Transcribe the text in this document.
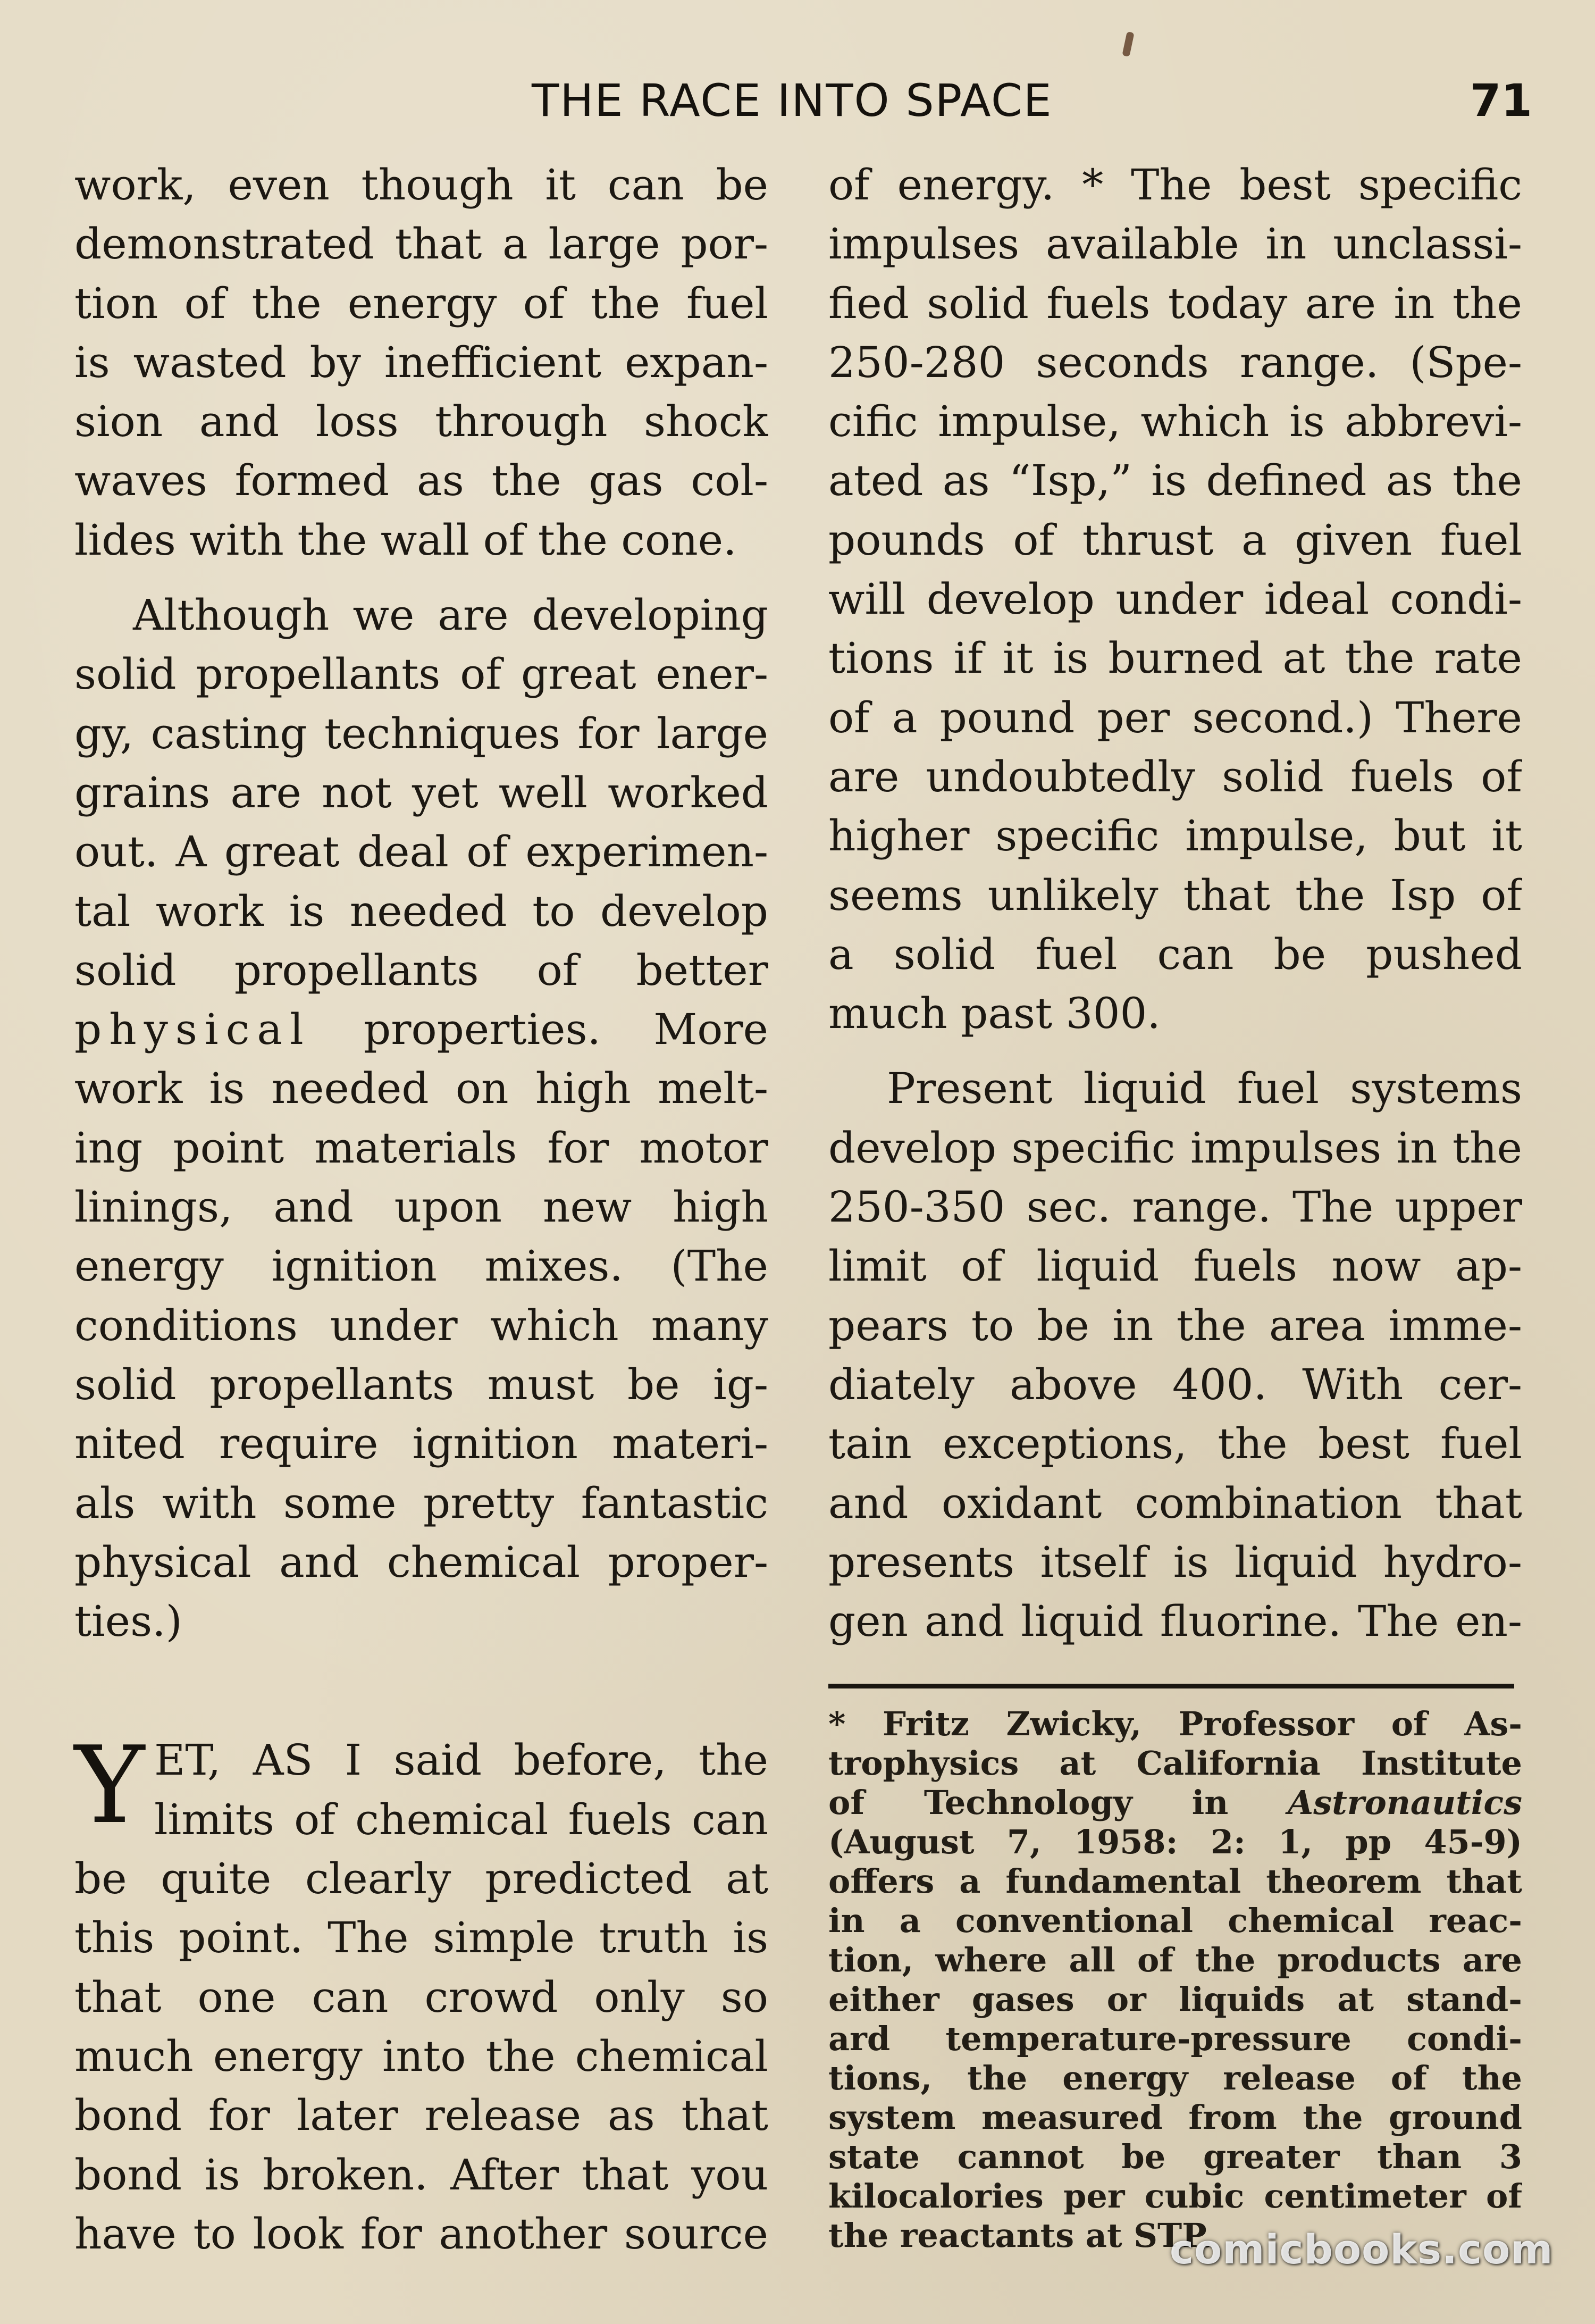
THE RACE INTO SPACE	71

work, even though it can be
demonstrated that a large por-
tion of the energy of the fuel
is wasted by inefficient expan-
sion and loss through shock
waves formed as the gas col-
lides with the wall of the cone.

Although we are developing
solid propellants of great ener-
gy, casting techniques for large
grains are not yet well worked
out. A great deal of experimen-
tal work is needed to develop
solid propellants of better
physical properties. More
work is needed on high melt-
ing point materials for motor
linings, and upon new high
energy ignition mixes. (The
conditions under which many
solid propellants must be ig-
nited require ignition materi-
als with some pretty fantastic
physical and chemical proper-
ties.)

Y ET, AS I said before, the
limits of chemical fuels can
be quite clearly predicted at
this point. The simple truth is
that one can crowd only so
much energy into the chemical
bond for later release as that
bond is broken. After that you
have to look for another source

of energy. * The best specific
impulses available in unclassi-
fied solid fuels today are in the
250-280 seconds range. (Spe-
cific impulse, which is abbrevi-
ated as “Isp,” is defined as the
pounds of thrust a given fuel
will develop under ideal condi-
tions if it is burned at the rate
of a pound per second.) There
are undoubtedly solid fuels of
higher specific impulse, but it
seems unlikely that the Isp of
a solid fuel can be pushed
much past 300.

Present liquid fuel systems
develop specific impulses in the
250-350 sec. range. The upper
limit of liquid fuels now ap-
pears to be in the area imme-
diately above 400. With cer-
tain exceptions, the best fuel
and oxidant combination that
presents itself is liquid hydro-
gen and liquid fluorine. The en-

* Fritz Zwicky, Professor of As-
trophysics at California Institute
of Technology in Astronautics
(August 7, 1958: 2: 1, pp 45-9)
offers a fundamental theorem that
in a conventional chemical reac-
tion, where all of the products are
either gases or liquids at stand-
ard temperature-pressure condi-
tions, the energy release of the
system measured from the ground
state cannot be greater than 3
kilocalories per cubic centimeter of
the reactants at STP.
comicbooks.com
